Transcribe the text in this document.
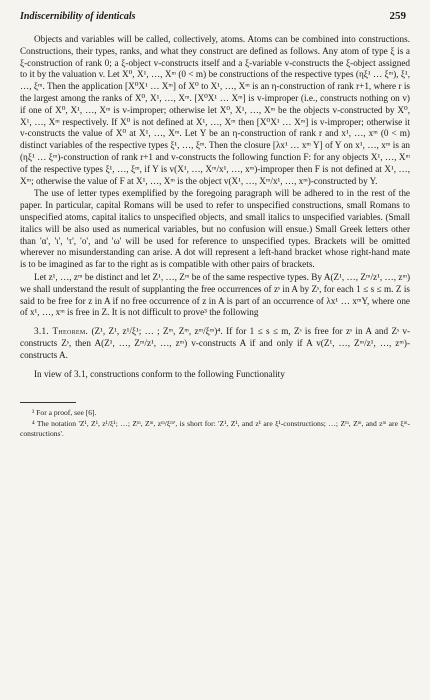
Indiscernibility of identicals	259

Objects and variables will be called, collectively, atoms. Atoms can be combined into constructions. Constructions, their types, ranks, and what they construct are defined as follows. Any atom of type ξ is a ξ-construction of rank 0; a ξ-object v-constructs itself and a ξ-variable v-constructs the ξ-object assigned to it by the valuation v. Let X⁰, X¹, …, Xᵐ (0 < m) be constructions of the respective types (ηξ¹ … ξᵐ), ξ¹, …, ξᵐ. Then the application [X⁰X¹ … Xᵐ] of X⁰ to X¹, …, Xᵐ is an η-construction of rank r+1, where r is the largest among the ranks of X⁰, X¹, …, Xᵐ. [X⁰X¹ … Xᵐ] is v-improper (i.e., constructs nothing on v) if one of X⁰, X¹, …, Xᵐ is v-improper; otherwise let X⁰, X¹, …, Xᵐ be the objects v-constructed by X⁰, X¹, …, Xᵐ respectively. If X⁰ is not defined at X¹, …, Xᵐ then [X⁰X¹ … Xᵐ] is v-improper; otherwise it v-constructs the value of X⁰ at X¹, …, Xᵐ. Let Y be an η-construction of rank r and x¹, …, xᵐ (0 < m) distinct variables of the respective types ξ¹, …, ξᵐ. Then the closure [λx¹ … xᵐ Y] of Y on x¹, …, xᵐ is an (ηξ¹ … ξᵐ)-construction of rank r+1 and v-constructs the following function F: for any objects X¹, …, Xᵐ of the respective types ξ¹, …, ξᵐ, if Y is v(X¹, …, Xᵐ/x¹, …, xᵐ)-improper then F is not defined at X¹, …, Xᵐ; otherwise the value of F at X¹, …, Xᵐ is the object v(X¹, …, Xᵐ/x¹, …, xᵐ)-constructed by Y.

The use of letter types exemplified by the foregoing paragraph will be adhered to in the rest of the paper. In particular, capital Romans will be used to refer to unspecified constructions, small Romans to unspecified atoms, capital italics to unspecified objects, and small italics to unspecified variables. (Small italics will be also used as numerical variables, but no confusion will ensue.) Small Greek letters other than 'α', 'ι', 'τ', 'ο', and 'ω' will be used for reference to unspecified types. Brackets will be omitted wherever no misunderstanding can arise. A dot will represent a left-hand bracket whose right-hand mate is to be imagined as far to the right as is compatible with other pairs of brackets.

Let z¹, …, zᵐ be distinct and let Z¹, …, Zᵐ be of the same respective types. By A(Z¹, …, Zᵐ/z¹, …, zᵐ) we shall understand the result of supplanting the free occurrences of zˢ in A by Zˢ, for each 1 ≤ s ≤ m. Z is said to be free for z in A if no free occurrence of z in A is part of an occurrence of λx¹ … xᵐY, where one of x¹, …, xᵐ is free in Z. It is not difficult to prove³ the following

3.1. Theorem. (Z¹, Z¹, z¹/ξ¹; … ; Zᵐ, Zᵐ, zᵐ/ξᵐ)⁴. If for 1 ≤ s ≤ m, Zˢ is free for zˢ in A and Zˢ v-constructs Zˢ, then A(Z¹, …, Zᵐ/z¹, …, zᵐ) v-constructs A if and only if A v(Z¹, …, Zᵐ/z¹, …, zᵐ)-constructs A.

In view of 3.1, constructions conform to the following Functionality

³ For a proof, see [6].

⁴ The notation 'Z¹, Z¹, z¹/ξ¹; …; Zᵐ, Zᵐ, zᵐ/ξᵐ', is short for: 'Z¹, Z¹, and z¹ are ξ¹-constructions; …; Zᵐ, Zᵐ, and zᵐ are ξᵐ-constructions'.
